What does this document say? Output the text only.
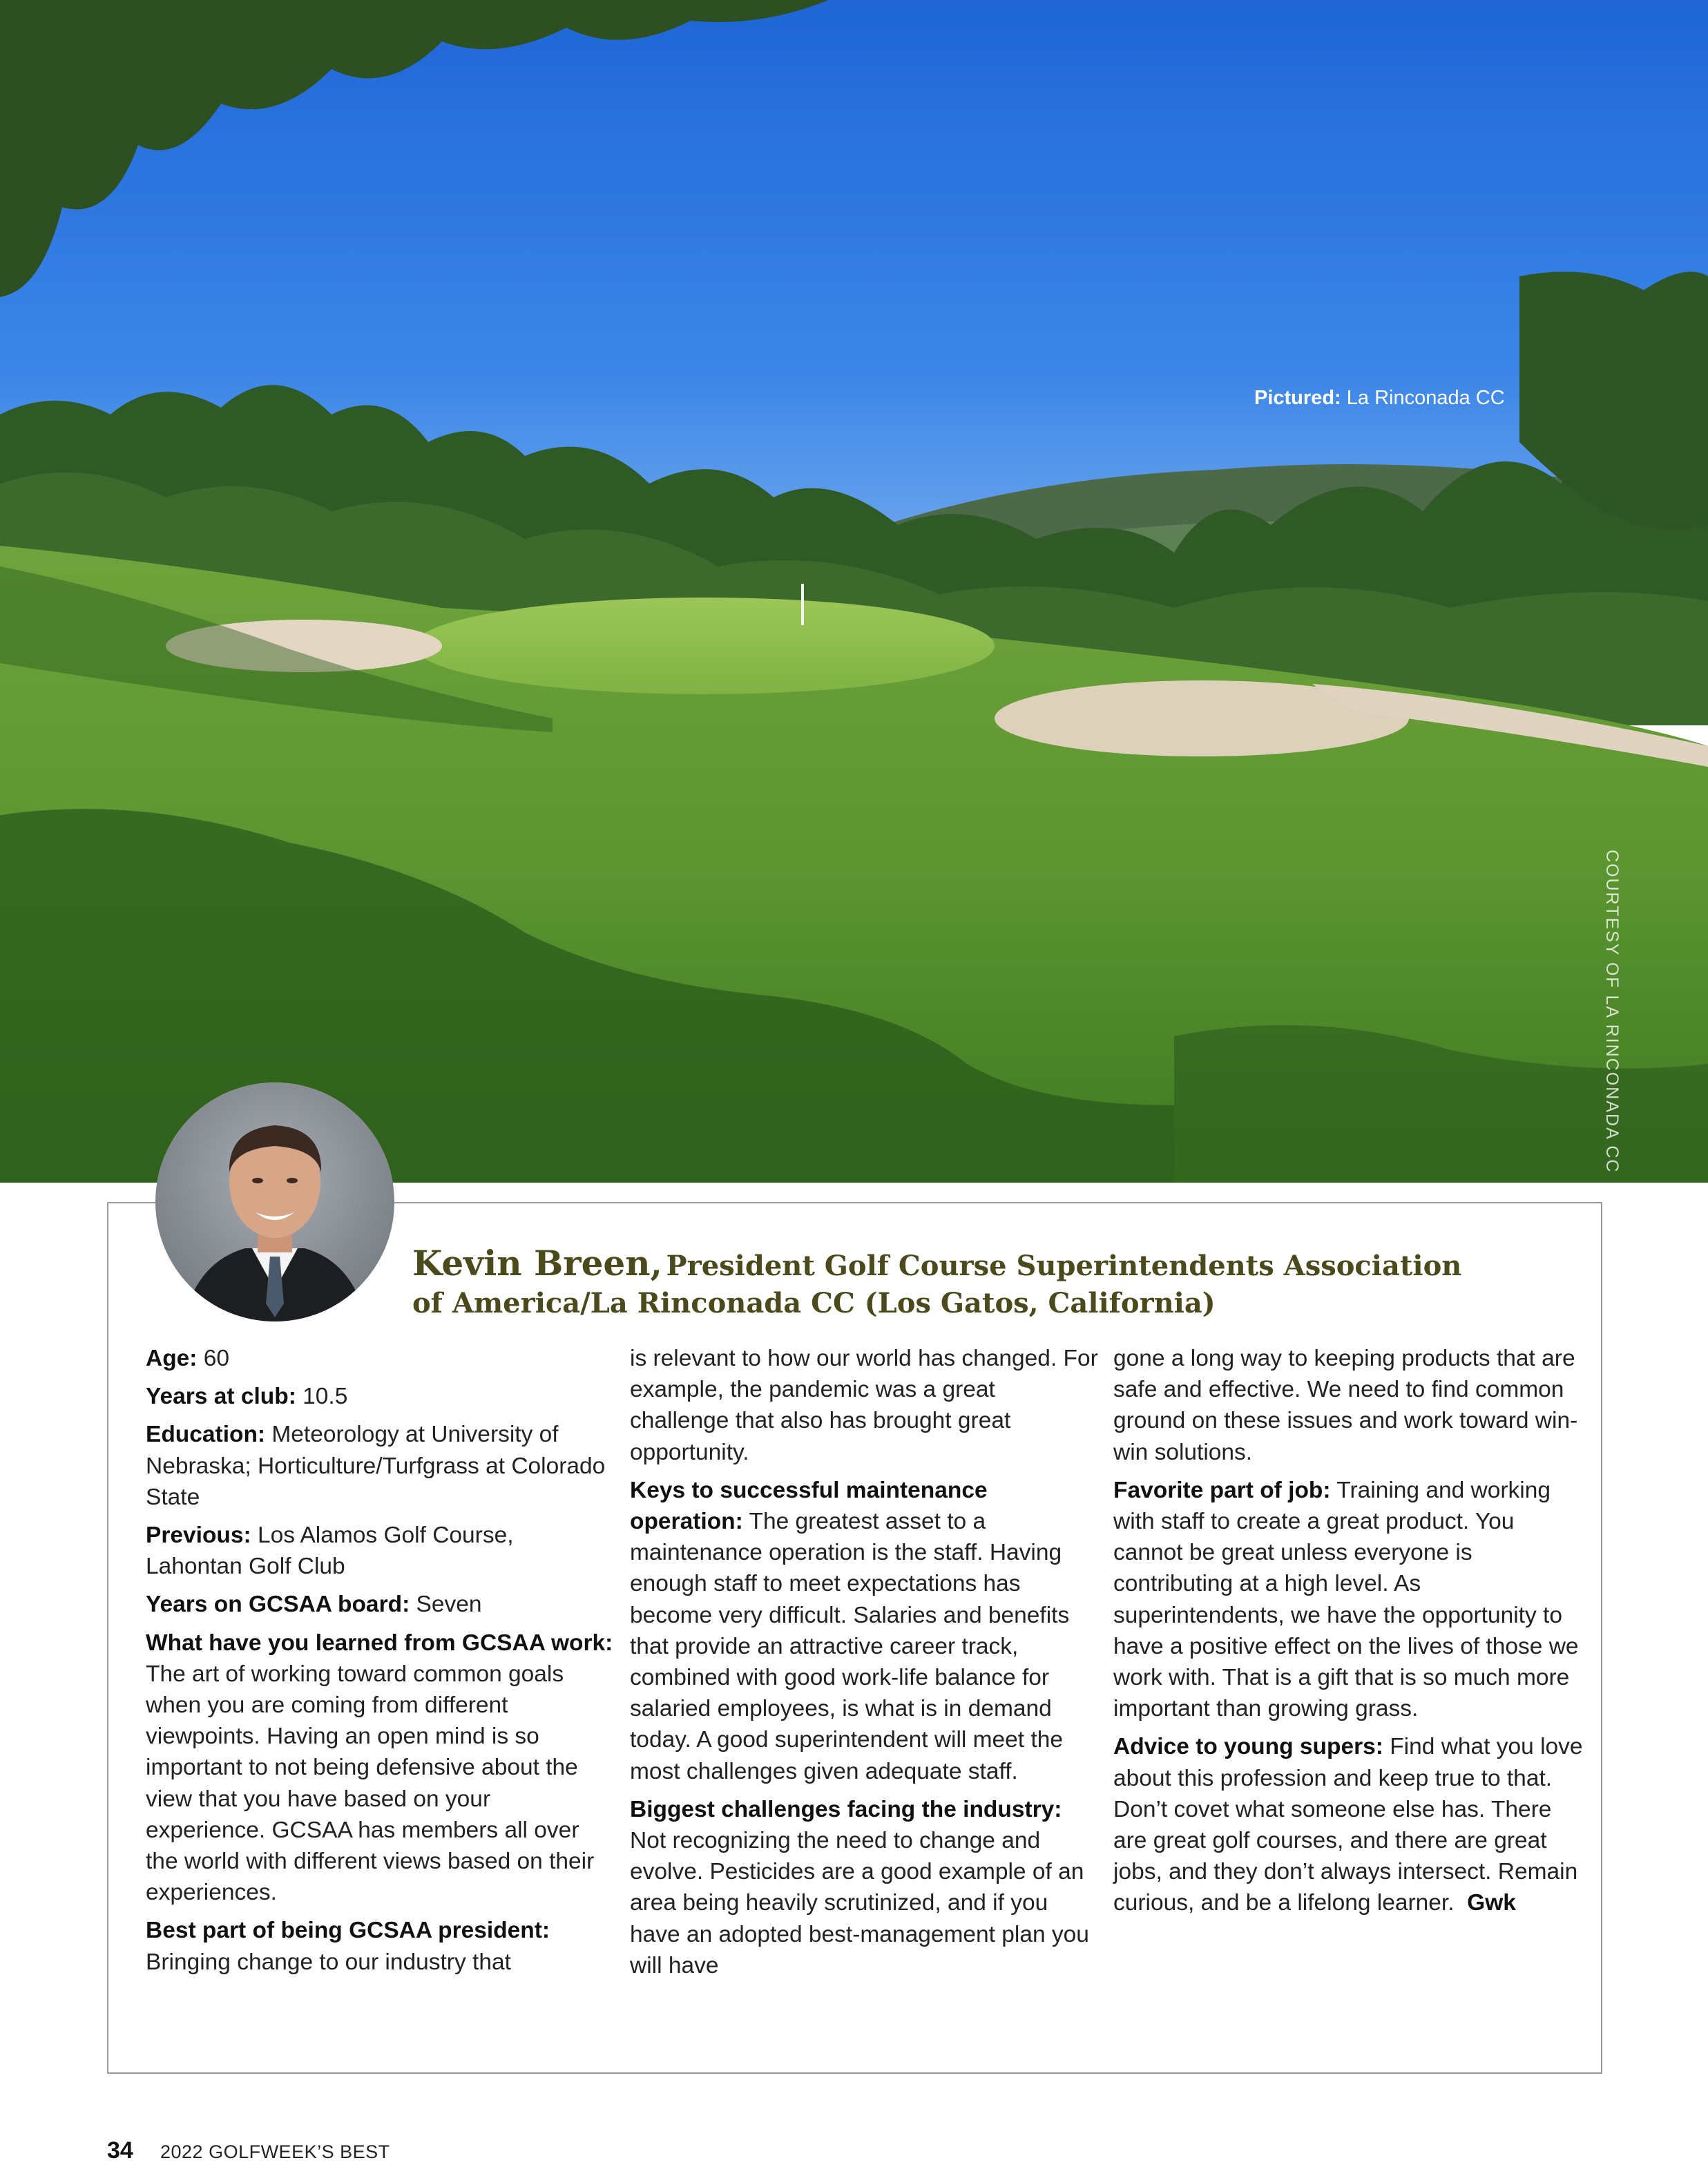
Pictured: La Rinconada CC
COURTESY OF LA RINCONADA CC
Kevin Breen, President Golf Course Superintendents Association of America/La Rinconada CC (Los Gatos, California)

Age: 60

Years at club: 10.5

Education: Meteorology at University of Nebraska; Horticulture/Turfgrass at Colorado State

Previous: Los Alamos Golf Course, Lahontan Golf Club

Years on GCSAA board: Seven

What have you learned from GCSAA work: The art of working toward common goals when you are coming from different viewpoints. Having an open mind is so important to not being defensive about the view that you have based on your experience. GCSAA has members all over the world with different views based on their experiences.

Best part of being GCSAA president: Bringing change to our industry that

is relevant to how our world has changed. For example, the pandemic was a great challenge that also has brought great opportunity.

Keys to successful maintenance operation: The greatest asset to a maintenance operation is the staff. Having enough staff to meet expectations has become very difficult. Salaries and benefits that provide an attractive career track, combined with good work-life balance for salaried employees, is what is in demand today. A good superintendent will meet the most challenges given adequate staff.

Biggest challenges facing the industry: Not recognizing the need to change and evolve. Pesticides are a good example of an area being heavily scrutinized, and if you have an adopted best-management plan you will have

gone a long way to keeping products that are safe and effective. We need to find common ground on these issues and work toward win-win solutions.

Favorite part of job: Training and working with staff to create a great product. You cannot be great unless everyone is contributing at a high level. As superintendents, we have the opportunity to have a positive effect on the lives of those we work with. That is a gift that is so much more important than growing grass.

Advice to young supers: Find what you love about this profession and keep true to that. Don’t covet what someone else has. There are great golf courses, and there are great jobs, and they don’t always intersect. Remain curious, and be a lifelong learner. Gwk

34 2022 GOLFWEEK’S BEST
